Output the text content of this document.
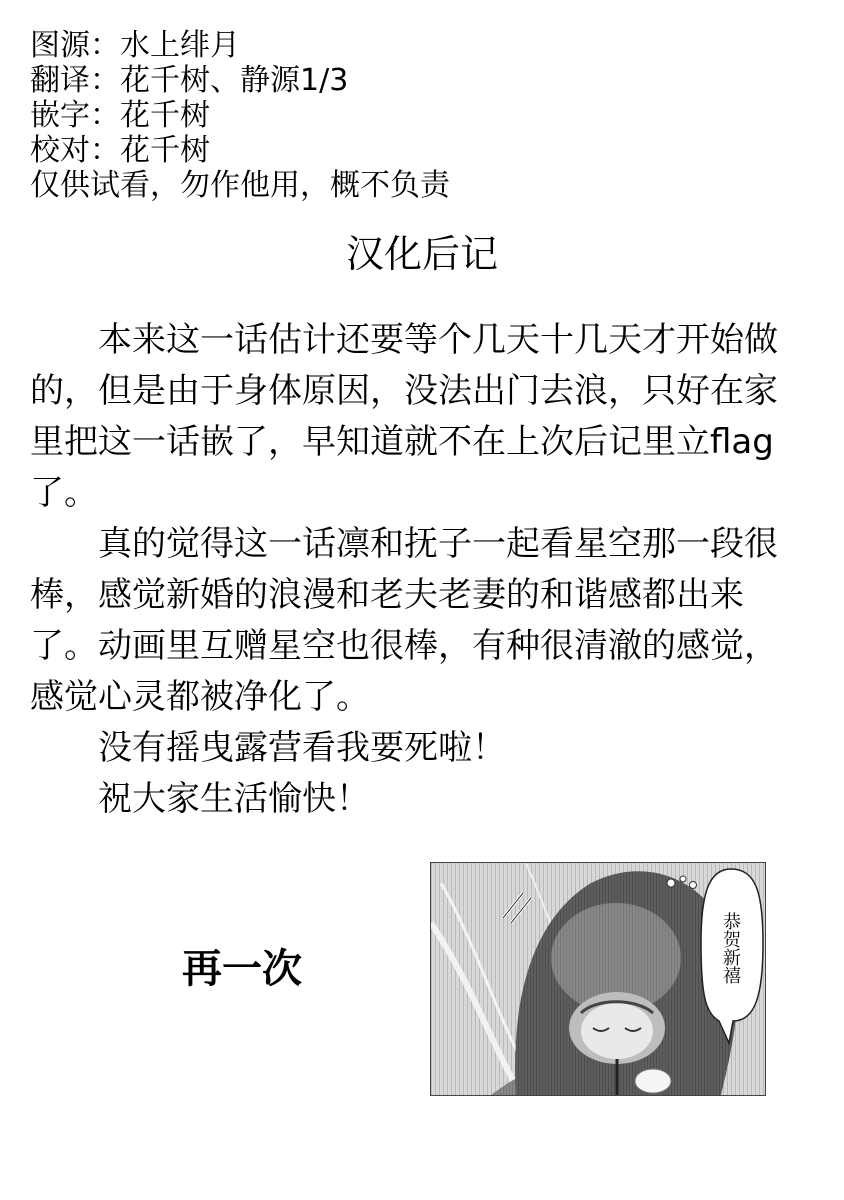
图源：水上绯月
翻译：花千树、静源1/3
嵌字：花千树
校对：花千树
仅供试看，勿作他用，概不负责
汉化后记

本来这一话估计还要等个几天十几天才开始做的，但是由于身体原因，没法出门去浪，只好在家里把这一话嵌了，早知道就不在上次后记里立flag了。

真的觉得这一话凛和抚子一起看星空那一段很棒，感觉新婚的浪漫和老夫老妻的和谐感都出来了。动画里互赠星空也很棒，有种很清澈的感觉，感觉心灵都被净化了。

没有摇曳露营看我要死啦！

祝大家生活愉快！

再一次	恭贺新禧
